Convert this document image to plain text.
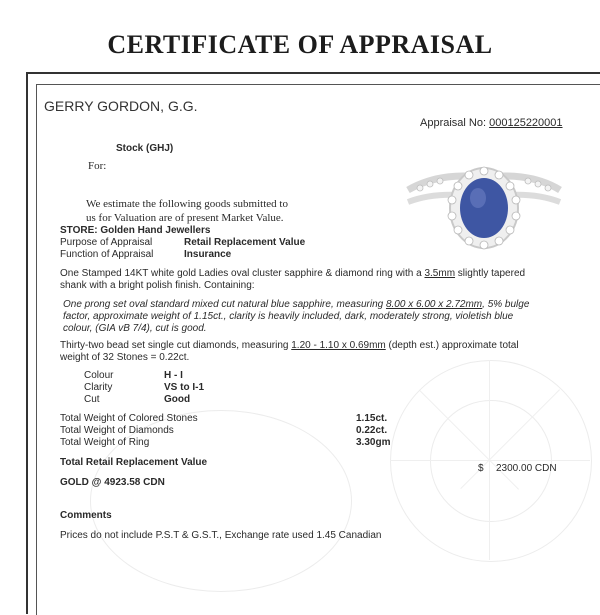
CERTIFICATE OF APPRAISAL
GERRY GORDON, G.G.
Appraisal No: 000125220001
Stock (GHJ)
For:
We estimate the following goods submitted to
us for Valuation are of present Market Value.
STORE: Golden Hand Jewellers
Purpose of Appraisal	Retail Replacement Value
Function of Appraisal	Insurance
One Stamped 14KT white gold Ladies oval cluster sapphire & diamond ring with a 3.5mm slightly tapered
shank with a bright polish finish. Containing:
One prong set oval standard mixed cut natural blue sapphire, measuring 8.00 x 6.00 x 2.72mm, 5% bulge
factor, approximate weight of 1.15ct., clarity is heavily included, dark, moderately strong, violetish blue
colour, (GIA vB 7/4), cut is good.
Thirty-two bead set single cut diamonds, measuring 1.20 - 1.10 x 0.69mm (depth est.) approximate total
weight of 32 Stones = 0.22ct.
Colour	H - I
Clarity	VS to I-1
Cut	Good
Total Weight of Colored Stones	1.15ct.
Total Weight of Diamonds	0.22ct.
Total Weight of Ring	3.30gm
Total Retail Replacement Value
$ 2300.00 CDN
GOLD @ 4923.58 CDN
Comments
Prices do not include P.S.T & G.S.T., Exchange rate used 1.45 Canadian
